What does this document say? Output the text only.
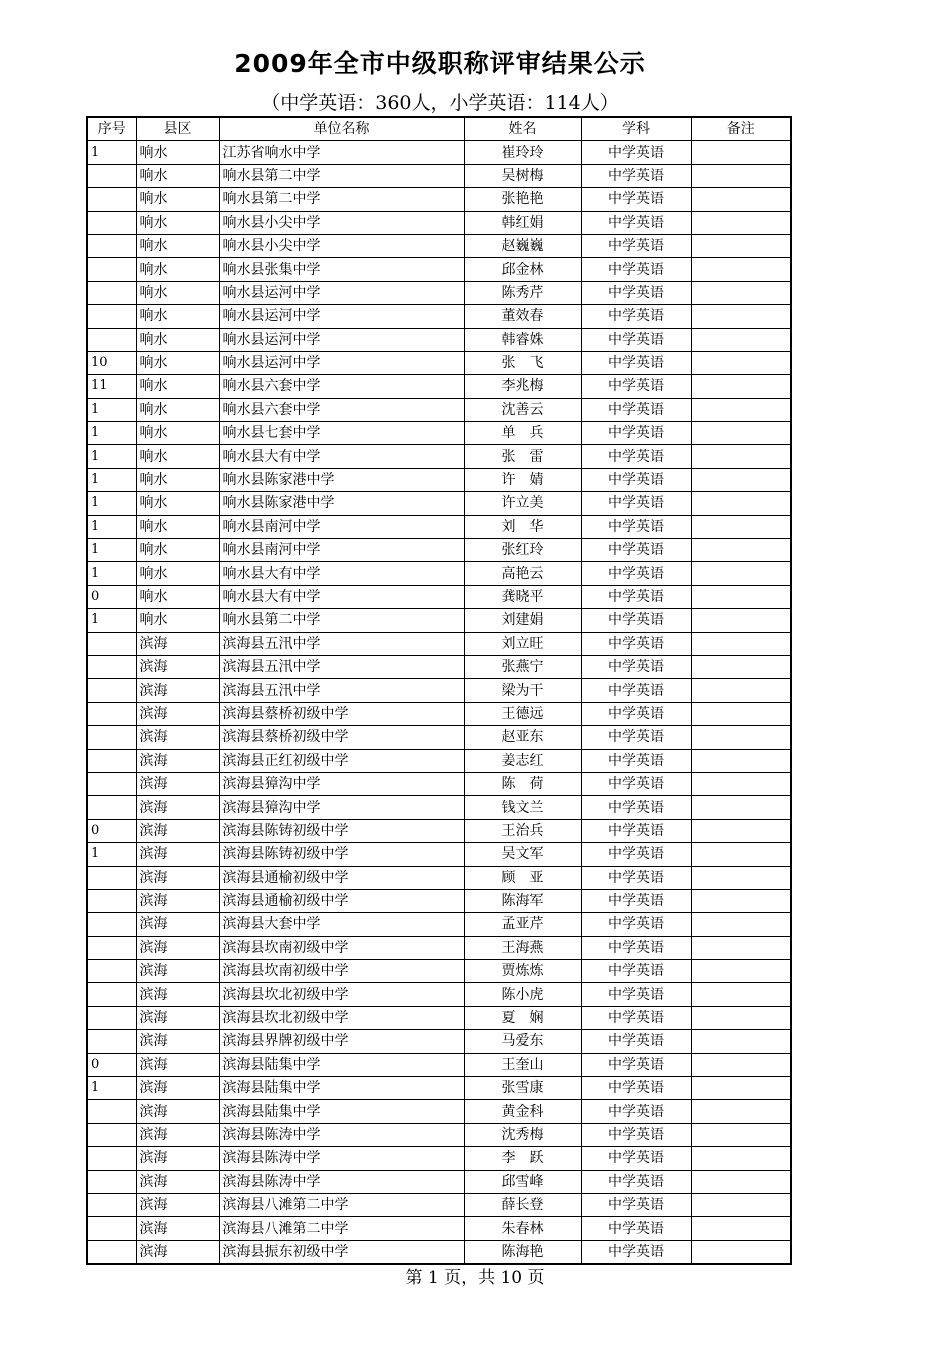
2009年全市中级职称评审结果公示
（中学英语：360人，小学英语：114人）
序号	县区	单位名称	姓名	学科	备注
1	响水	江苏省响水中学	崔玲玲	中学英语	
	响水	响水县第二中学	吴树梅	中学英语	
	响水	响水县第二中学	张艳艳	中学英语	
	响水	响水县小尖中学	韩红娟	中学英语	
	响水	响水县小尖中学	赵巍巍	中学英语	
	响水	响水县张集中学	邱金林	中学英语	
	响水	响水县运河中学	陈秀芹	中学英语	
	响水	响水县运河中学	董效春	中学英语	
	响水	响水县运河中学	韩睿姝	中学英语	
10	响水	响水县运河中学	张　飞	中学英语	
11	响水	响水县六套中学	李兆梅	中学英语	
1	响水	响水县六套中学	沈善云	中学英语	
1	响水	响水县七套中学	单　兵	中学英语	
1	响水	响水县大有中学	张　雷	中学英语	
1	响水	响水县陈家港中学	许　婧	中学英语	
1	响水	响水县陈家港中学	许立美	中学英语	
1	响水	响水县南河中学	刘　华	中学英语	
1	响水	响水县南河中学	张红玲	中学英语	
1	响水	响水县大有中学	高艳云	中学英语	
0	响水	响水县大有中学	龚晓平	中学英语	
1	响水	响水县第二中学	刘建娟	中学英语	
	滨海	滨海县五汛中学	刘立旺	中学英语	
	滨海	滨海县五汛中学	张燕宁	中学英语	
	滨海	滨海县五汛中学	梁为干	中学英语	
	滨海	滨海县蔡桥初级中学	王德远	中学英语	
	滨海	滨海县蔡桥初级中学	赵亚东	中学英语	
	滨海	滨海县正红初级中学	姜志红	中学英语	
	滨海	滨海县獐沟中学	陈　荷	中学英语	
	滨海	滨海县獐沟中学	钱文兰	中学英语	
0	滨海	滨海县陈铸初级中学	王治兵	中学英语	
1	滨海	滨海县陈铸初级中学	吴文军	中学英语	
	滨海	滨海县通榆初级中学	顾　亚	中学英语	
	滨海	滨海县通榆初级中学	陈海军	中学英语	
	滨海	滨海县大套中学	孟亚芹	中学英语	
	滨海	滨海县坎南初级中学	王海燕	中学英语	
	滨海	滨海县坎南初级中学	贾炼炼	中学英语	
	滨海	滨海县坎北初级中学	陈小虎	中学英语	
	滨海	滨海县坎北初级中学	夏　娴	中学英语	
	滨海	滨海县界牌初级中学	马爱东	中学英语	
0	滨海	滨海县陆集中学	王奎山	中学英语	
1	滨海	滨海县陆集中学	张雪康	中学英语	
	滨海	滨海县陆集中学	黄金科	中学英语	
	滨海	滨海县陈涛中学	沈秀梅	中学英语	
	滨海	滨海县陈涛中学	李　跃	中学英语	
	滨海	滨海县陈涛中学	邱雪峰	中学英语	
	滨海	滨海县八滩第二中学	薛长登	中学英语	
	滨海	滨海县八滩第二中学	朱春林	中学英语	
	滨海	滨海县振东初级中学	陈海艳	中学英语	
第 1 页，共 10 页
